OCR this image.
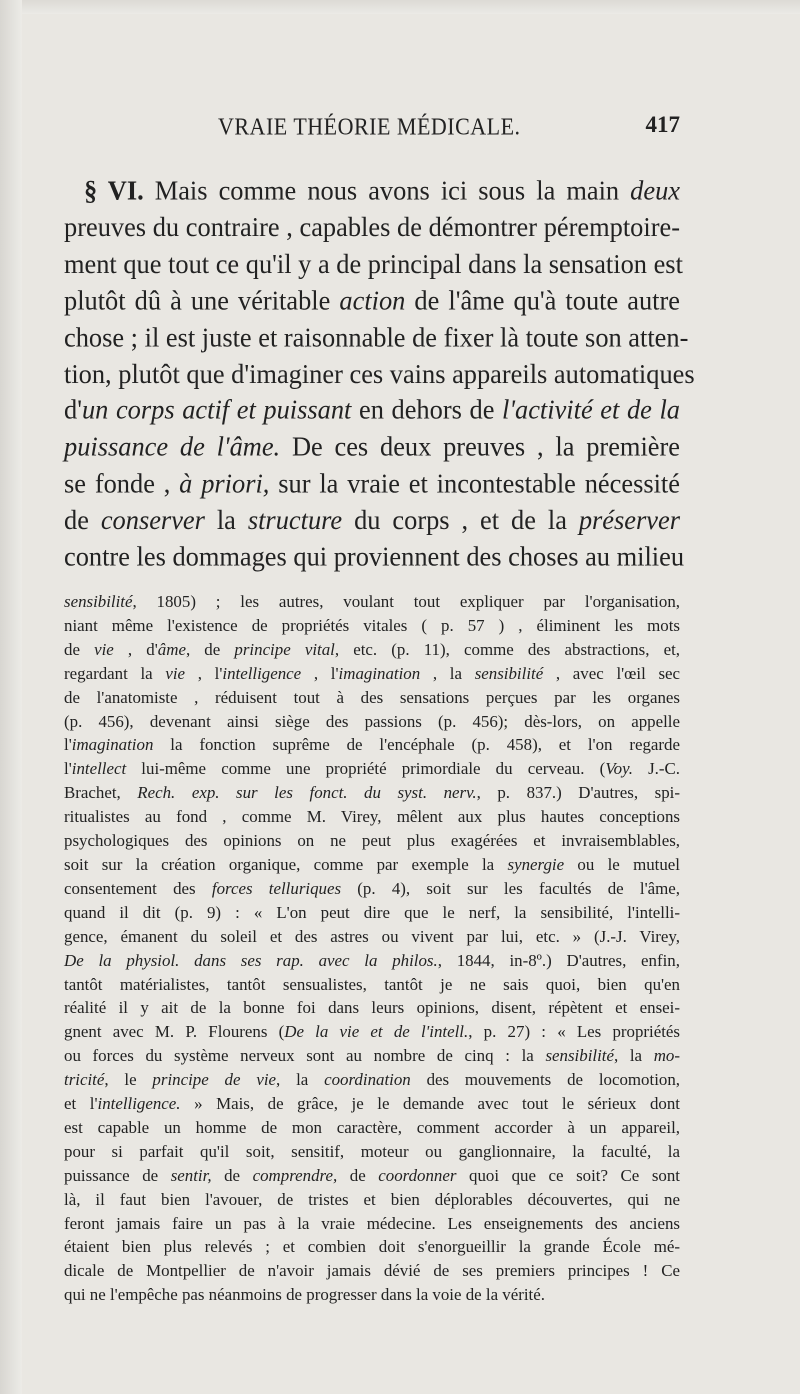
VRAIE THÉORIE MÉDICALE.	417
§ VI. Mais comme nous avons ici sous la main deux
preuves du contraire , capables de démontrer péremptoire-
ment que tout ce qu'il y a de principal dans la sensation est
plutôt dû à une véritable action de l'âme qu'à toute autre
chose ; il est juste et raisonnable de fixer là toute son atten-
tion, plutôt que d'imaginer ces vains appareils automatiques
d'un corps actif et puissant en dehors de l'activité et de la
puissance de l'âme. De ces deux preuves , la première
se fonde , à priori, sur la vraie et incontestable nécessité
de conserver la structure du corps , et de la préserver
contre les dommages qui proviennent des choses au milieu
sensibilité, 1805) ; les autres, voulant tout expliquer par l'organisation,
niant même l'existence de propriétés vitales ( p. 57 ) , éliminent les mots
de vie , d'âme, de principe vital, etc. (p. 11), comme des abstractions, et,
regardant la vie , l'intelligence , l'imagination , la sensibilité , avec l'œil sec
de l'anatomiste , réduisent tout à des sensations perçues par les organes
(p. 456), devenant ainsi siège des passions (p. 456); dès-lors, on appelle
l'imagination la fonction suprême de l'encéphale (p. 458), et l'on regarde
l'intellect lui-même comme une propriété primordiale du cerveau. (Voy. J.-C.
Brachet, Rech. exp. sur les fonct. du syst. nerv., p. 837.) D'autres, spi-
ritualistes au fond , comme M. Virey, mêlent aux plus hautes conceptions
psychologiques des opinions on ne peut plus exagérées et invraisemblables,
soit sur la création organique, comme par exemple la synergie ou le mutuel
consentement des forces telluriques (p. 4), soit sur les facultés de l'âme,
quand il dit (p. 9) : « L'on peut dire que le nerf, la sensibilité, l'intelli-
gence, émanent du soleil et des astres ou vivent par lui, etc. » (J.-J. Virey,
De la physiol. dans ses rap. avec la philos., 1844, in-8º.) D'autres, enfin,
tantôt matérialistes, tantôt sensualistes, tantôt je ne sais quoi, bien qu'en
réalité il y ait de la bonne foi dans leurs opinions, disent, répètent et ensei-
gnent avec M. P. Flourens (De la vie et de l'intell., p. 27) : « Les propriétés
ou forces du système nerveux sont au nombre de cinq : la sensibilité, la mo-
tricité, le principe de vie, la coordination des mouvements de locomotion,
et l'intelligence. » Mais, de grâce, je le demande avec tout le sérieux dont
est capable un homme de mon caractère, comment accorder à un appareil,
pour si parfait qu'il soit, sensitif, moteur ou ganglionnaire, la faculté, la
puissance de sentir, de comprendre, de coordonner quoi que ce soit? Ce sont
là, il faut bien l'avouer, de tristes et bien déplorables découvertes, qui ne
feront jamais faire un pas à la vraie médecine. Les enseignements des anciens
étaient bien plus relevés ; et combien doit s'enorgueillir la grande École mé-
dicale de Montpellier de n'avoir jamais dévié de ses premiers principes ! Ce
qui ne l'empêche pas néanmoins de progresser dans la voie de la vérité.
